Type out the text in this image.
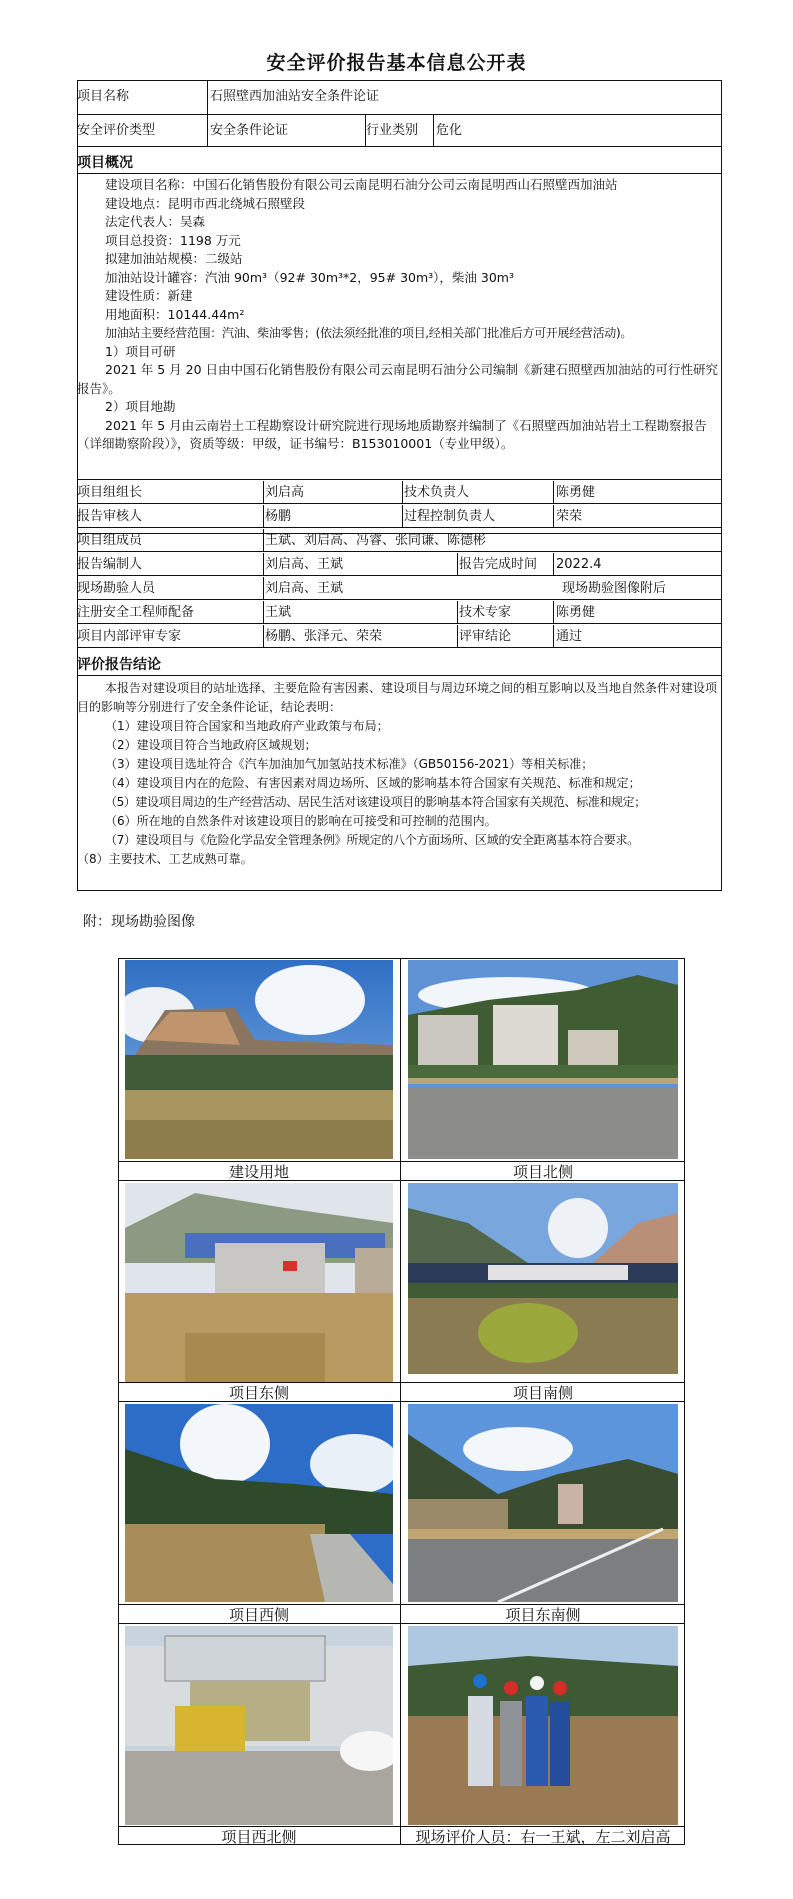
安全评价报告基本信息公开表
项目名称	石照壁西加油站安全条件论证
安全评价类型	安全条件论证	行业类别	危化
项目概况

建设项目名称：中国石化销售股份有限公司云南昆明石油分公司云南昆明西山石照壁西加油站

建设地点：昆明市西北绕城石照壁段

法定代表人：吴森

项目总投资：1198 万元

拟建加油站规模：二级站

加油站设计罐容：汽油 90m³（92# 30m³*2，95# 30m³），柴油 30m³

建设性质：新建

用地面积：10144.44m²

加油站主要经营范围：汽油、柴油零售；(依法须经批准的项目,经相关部门批准后方可开展经营活动)。

1）项目可研

2021 年 5 月 20 日由中国石化销售股份有限公司云南昆明石油分公司编制《新建石照壁西加油站的可行性研究报告》。

2）项目地勘

2021 年 5 月由云南岩土工程勘察设计研究院进行现场地质勘察并编制了《石照壁西加油站岩土工程勘察报告（详细勘察阶段）》，资质等级：甲级，证书编号：B153010001（专业甲级）。

项目组组长	刘启高	技术负责人	陈勇健
报告审核人	杨鹏	过程控制负责人	荣荣
项目组成员	王斌、刘启高、冯睿、张同谦、陈德彬
报告编制人	刘启高、王斌	报告完成时间	2022.4
现场勘验人员	刘启高、王斌	现场勘验图像附后
注册安全工程师配备	王斌	技术专家	陈勇健
项目内部评审专家	杨鹏、张泽元、荣荣	评审结论	通过
评价报告结论

本报告对建设项目的站址选择、主要危险有害因素、建设项目与周边环境之间的相互影响以及当地自然条件对建设项目的影响等分别进行了安全条件论证，结论表明：

（1）建设项目符合国家和当地政府产业政策与布局；

（2）建设项目符合当地政府区域规划；

（3）建设项目选址符合《汽车加油加气加氢站技术标准》（GB50156-2021）等相关标准；

（4）建设项目内在的危险、有害因素对周边场所、区域的影响基本符合国家有关规范、标准和规定；

（5）建设项目周边的生产经营活动、居民生活对该建设项目的影响基本符合国家有关规范、标准和规定；

（6）所在地的自然条件对该建设项目的影响在可接受和可控制的范围内。

（7）建设项目与《危险化学品安全管理条例》所规定的八个方面场所、区域的安全距离基本符合要求。

（8）主要技术、工艺成熟可靠。

附：现场勘验图像
建设用地	项目北侧
项目东侧	项目南侧
项目西侧	项目东南侧
项目西北侧	现场评价人员：右一王斌，左二刘启高
